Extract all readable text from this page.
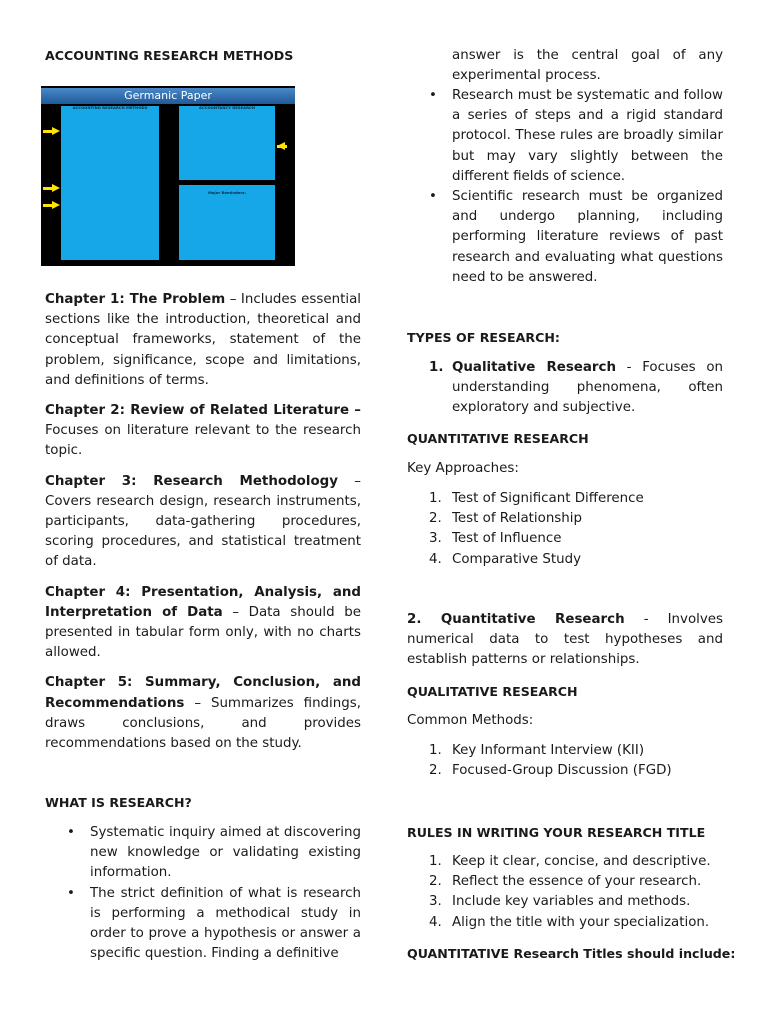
ACCOUNTING RESEARCH METHODS

Germanic Paper
ACCOUNTING RESEARCH METHODS	ACCOUNTANCY RESEARCH
Major Reminders:

Chapter 1: The Problem – Includes essential sections like the introduction, theoretical and conceptual frameworks, statement of the problem, significance, scope and limitations, and definitions of terms.

Chapter 2: Review of Related Literature – Focuses on literature relevant to the research topic.

Chapter 3: Research Methodology – Covers research design, research instruments, participants, data-gathering procedures, scoring procedures, and statistical treatment of data.

Chapter 4: Presentation, Analysis, and Interpretation of Data – Data should be presented in tabular form only, with no charts allowed.

Chapter 5: Summary, Conclusion, and Recommendations – Summarizes findings, draws conclusions, and provides recommendations based on the study.

WHAT IS RESEARCH?

• Systematic inquiry aimed at discovering new knowledge or validating existing information.
• The strict definition of what is research is performing a methodical study in order to prove a hypothesis or answer a specific question. Finding a definitive

answer is the central goal of any experimental process.

• Research must be systematic and follow a series of steps and a rigid standard protocol. These rules are broadly similar but may vary slightly between the different fields of science.
• Scientific research must be organized and undergo planning, including performing literature reviews of past research and evaluating what questions need to be answered.

TYPES OF RESEARCH:

1. Qualitative Research - Focuses on understanding phenomena, often exploratory and subjective.

QUANTITATIVE RESEARCH

Key Approaches:

1. Test of Significant Difference
2. Test of Relationship
3. Test of Influence
4. Comparative Study

2. Quantitative Research - Involves numerical data to test hypotheses and establish patterns or relationships.

QUALITATIVE RESEARCH

Common Methods:

1. Key Informant Interview (KII)
2. Focused-Group Discussion (FGD)

RULES IN WRITING YOUR RESEARCH TITLE

1. Keep it clear, concise, and descriptive.
2. Reflect the essence of your research.
3. Include key variables and methods.
4. Align the title with your specialization.

QUANTITATIVE Research Titles should include:
